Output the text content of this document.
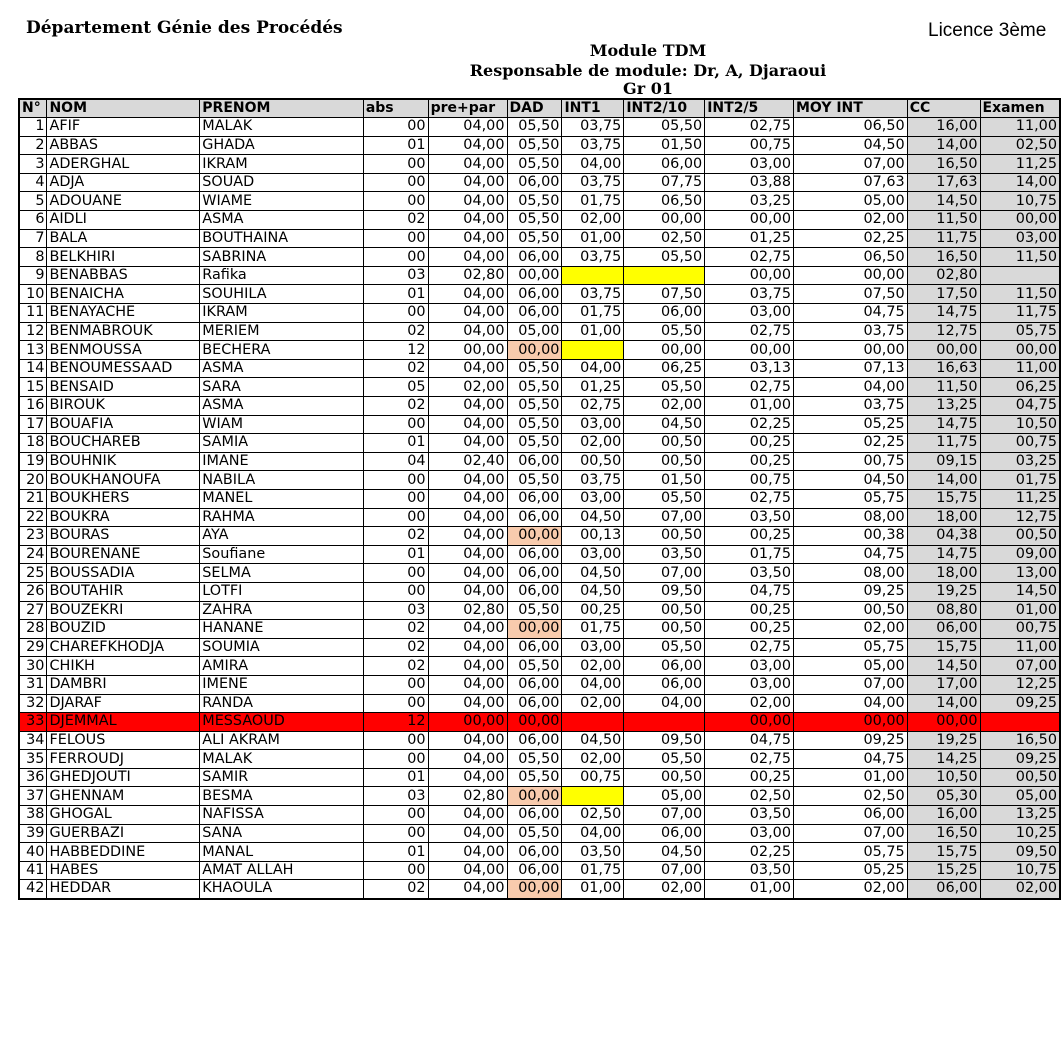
Département Génie des Procédés	Licence 3ème
Module TDM
Responsable de module: Dr, A, Djaraoui
Gr 01
N°	NOM	PRENOM	abs	pre+par	DAD	INT1	INT2/10	INT2/5	MOY INT	CC	Examen
1	AFIF	MALAK	00	04,00	05,50	03,75	05,50	02,75	06,50	16,00	11,00
2	ABBAS	GHADA	01	04,00	05,50	03,75	01,50	00,75	04,50	14,00	02,50
3	ADERGHAL	IKRAM	00	04,00	05,50	04,00	06,00	03,00	07,00	16,50	11,25
4	ADJA	SOUAD	00	04,00	06,00	03,75	07,75	03,88	07,63	17,63	14,00
5	ADOUANE	WIAME	00	04,00	05,50	01,75	06,50	03,25	05,00	14,50	10,75
6	AIDLI	ASMA	02	04,00	05,50	02,00	00,00	00,00	02,00	11,50	00,00
7	BALA	BOUTHAINA	00	04,00	05,50	01,00	02,50	01,25	02,25	11,75	03,00
8	BELKHIRI	SABRINA	00	04,00	06,00	03,75	05,50	02,75	06,50	16,50	11,50
9	BENABBAS	Rafika	03	02,80	00,00			00,00	00,00	02,80	
10	BENAICHA	SOUHILA	01	04,00	06,00	03,75	07,50	03,75	07,50	17,50	11,50
11	BENAYACHE	IKRAM	00	04,00	06,00	01,75	06,00	03,00	04,75	14,75	11,75
12	BENMABROUK	MERIEM	02	04,00	05,00	01,00	05,50	02,75	03,75	12,75	05,75
13	BENMOUSSA	BECHERA	12	00,00	00,00		00,00	00,00	00,00	00,00	00,00
14	BENOUMESSAAD	ASMA	02	04,00	05,50	04,00	06,25	03,13	07,13	16,63	11,00
15	BENSAID	SARA	05	02,00	05,50	01,25	05,50	02,75	04,00	11,50	06,25
16	BIROUK	ASMA	02	04,00	05,50	02,75	02,00	01,00	03,75	13,25	04,75
17	BOUAFIA	WIAM	00	04,00	05,50	03,00	04,50	02,25	05,25	14,75	10,50
18	BOUCHAREB	SAMIA	01	04,00	05,50	02,00	00,50	00,25	02,25	11,75	00,75
19	BOUHNIK	IMANE	04	02,40	06,00	00,50	00,50	00,25	00,75	09,15	03,25
20	BOUKHANOUFA	NABILA	00	04,00	05,50	03,75	01,50	00,75	04,50	14,00	01,75
21	BOUKHERS	MANEL	00	04,00	06,00	03,00	05,50	02,75	05,75	15,75	11,25
22	BOUKRA	RAHMA	00	04,00	06,00	04,50	07,00	03,50	08,00	18,00	12,75
23	BOURAS	AYA	02	04,00	00,00	00,13	00,50	00,25	00,38	04,38	00,50
24	BOURENANE	Soufiane	01	04,00	06,00	03,00	03,50	01,75	04,75	14,75	09,00
25	BOUSSADIA	SELMA	00	04,00	06,00	04,50	07,00	03,50	08,00	18,00	13,00
26	BOUTAHIR	LOTFI	00	04,00	06,00	04,50	09,50	04,75	09,25	19,25	14,50
27	BOUZEKRI	ZAHRA	03	02,80	05,50	00,25	00,50	00,25	00,50	08,80	01,00
28	BOUZID	HANANE	02	04,00	00,00	01,75	00,50	00,25	02,00	06,00	00,75
29	CHAREFKHODJA	SOUMIA	02	04,00	06,00	03,00	05,50	02,75	05,75	15,75	11,00
30	CHIKH	AMIRA	02	04,00	05,50	02,00	06,00	03,00	05,00	14,50	07,00
31	DAMBRI	IMENE	00	04,00	06,00	04,00	06,00	03,00	07,00	17,00	12,25
32	DJARAF	RANDA	00	04,00	06,00	02,00	04,00	02,00	04,00	14,00	09,25
33	DJEMMAL	MESSAOUD	12	00,00	00,00			00,00	00,00	00,00	
34	FELOUS	ALI AKRAM	00	04,00	06,00	04,50	09,50	04,75	09,25	19,25	16,50
35	FERROUDJ	MALAK	00	04,00	05,50	02,00	05,50	02,75	04,75	14,25	09,25
36	GHEDJOUTI	SAMIR	01	04,00	05,50	00,75	00,50	00,25	01,00	10,50	00,50
37	GHENNAM	BESMA	03	02,80	00,00		05,00	02,50	02,50	05,30	05,00
38	GHOGAL	NAFISSA	00	04,00	06,00	02,50	07,00	03,50	06,00	16,00	13,25
39	GUERBAZI	SANA	00	04,00	05,50	04,00	06,00	03,00	07,00	16,50	10,25
40	HABBEDDINE	MANAL	01	04,00	06,00	03,50	04,50	02,25	05,75	15,75	09,50
41	HABES	AMAT ALLAH	00	04,00	06,00	01,75	07,00	03,50	05,25	15,25	10,75
42	HEDDAR	KHAOULA	02	04,00	00,00	01,00	02,00	01,00	02,00	06,00	02,00
